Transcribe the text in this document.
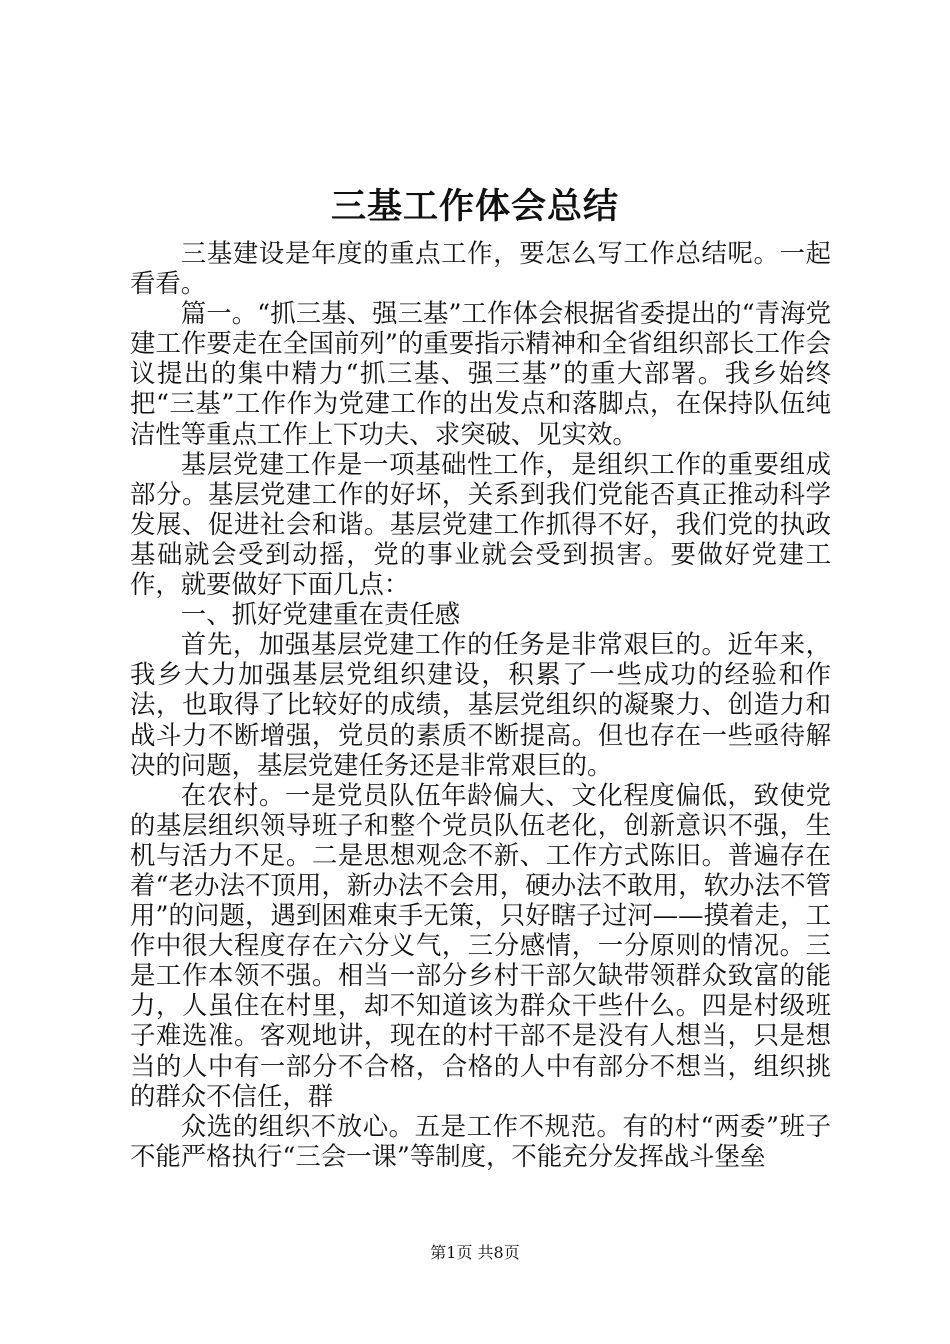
三基工作体会总结

三基建设是年度的重点工作，要怎么写工作总结呢。一起看看。

篇一。“抓三基、强三基”工作体会根据省委提出的“青海党建工作要走在全国前列”的重要指示精神和全省组织部长工作会议提出的集中精力“抓三基、强三基”的重大部署。我乡始终把“三基”工作作为党建工作的出发点和落脚点，在保持队伍纯洁性等重点工作上下功夫、求突破、见实效。

基层党建工作是一项基础性工作，是组织工作的重要组成部分。基层党建工作的好坏，关系到我们党能否真正推动科学发展、促进社会和谐。基层党建工作抓得不好，我们党的执政基础就会受到动摇，党的事业就会受到损害。要做好党建工作，就要做好下面几点：

一、抓好党建重在责任感

首先，加强基层党建工作的任务是非常艰巨的。近年来，我乡大力加强基层党组织建设，积累了一些成功的经验和作法，也取得了比较好的成绩，基层党组织的凝聚力、创造力和战斗力不断增强，党员的素质不断提高。但也存在一些亟待解决的问题，基层党建任务还是非常艰巨的。

在农村。一是党员队伍年龄偏大、文化程度偏低，致使党的基层组织领导班子和整个党员队伍老化，创新意识不强，生机与活力不足。二是思想观念不新、工作方式陈旧。普遍存在着“老办法不顶用，新办法不会用，硬办法不敢用，软办法不管用”的问题，遇到困难束手无策，只好瞎子过河——摸着走，工作中很大程度存在六分义气，三分感情，一分原则的情况。三是工作本领不强。相当一部分乡村干部欠缺带领群众致富的能力，人虽住在村里，却不知道该为群众干些什么。四是村级班子难选准。客观地讲，现在的村干部不是没有人想当，只是想当的人中有一部分不合格，合格的人中有部分不想当，组织挑的群众不信任，群

众选的组织不放心。五是工作不规范。有的村“两委”班子不能严格执行“三会一课”等制度，不能充分发挥战斗堡垒

第1页 共8页
